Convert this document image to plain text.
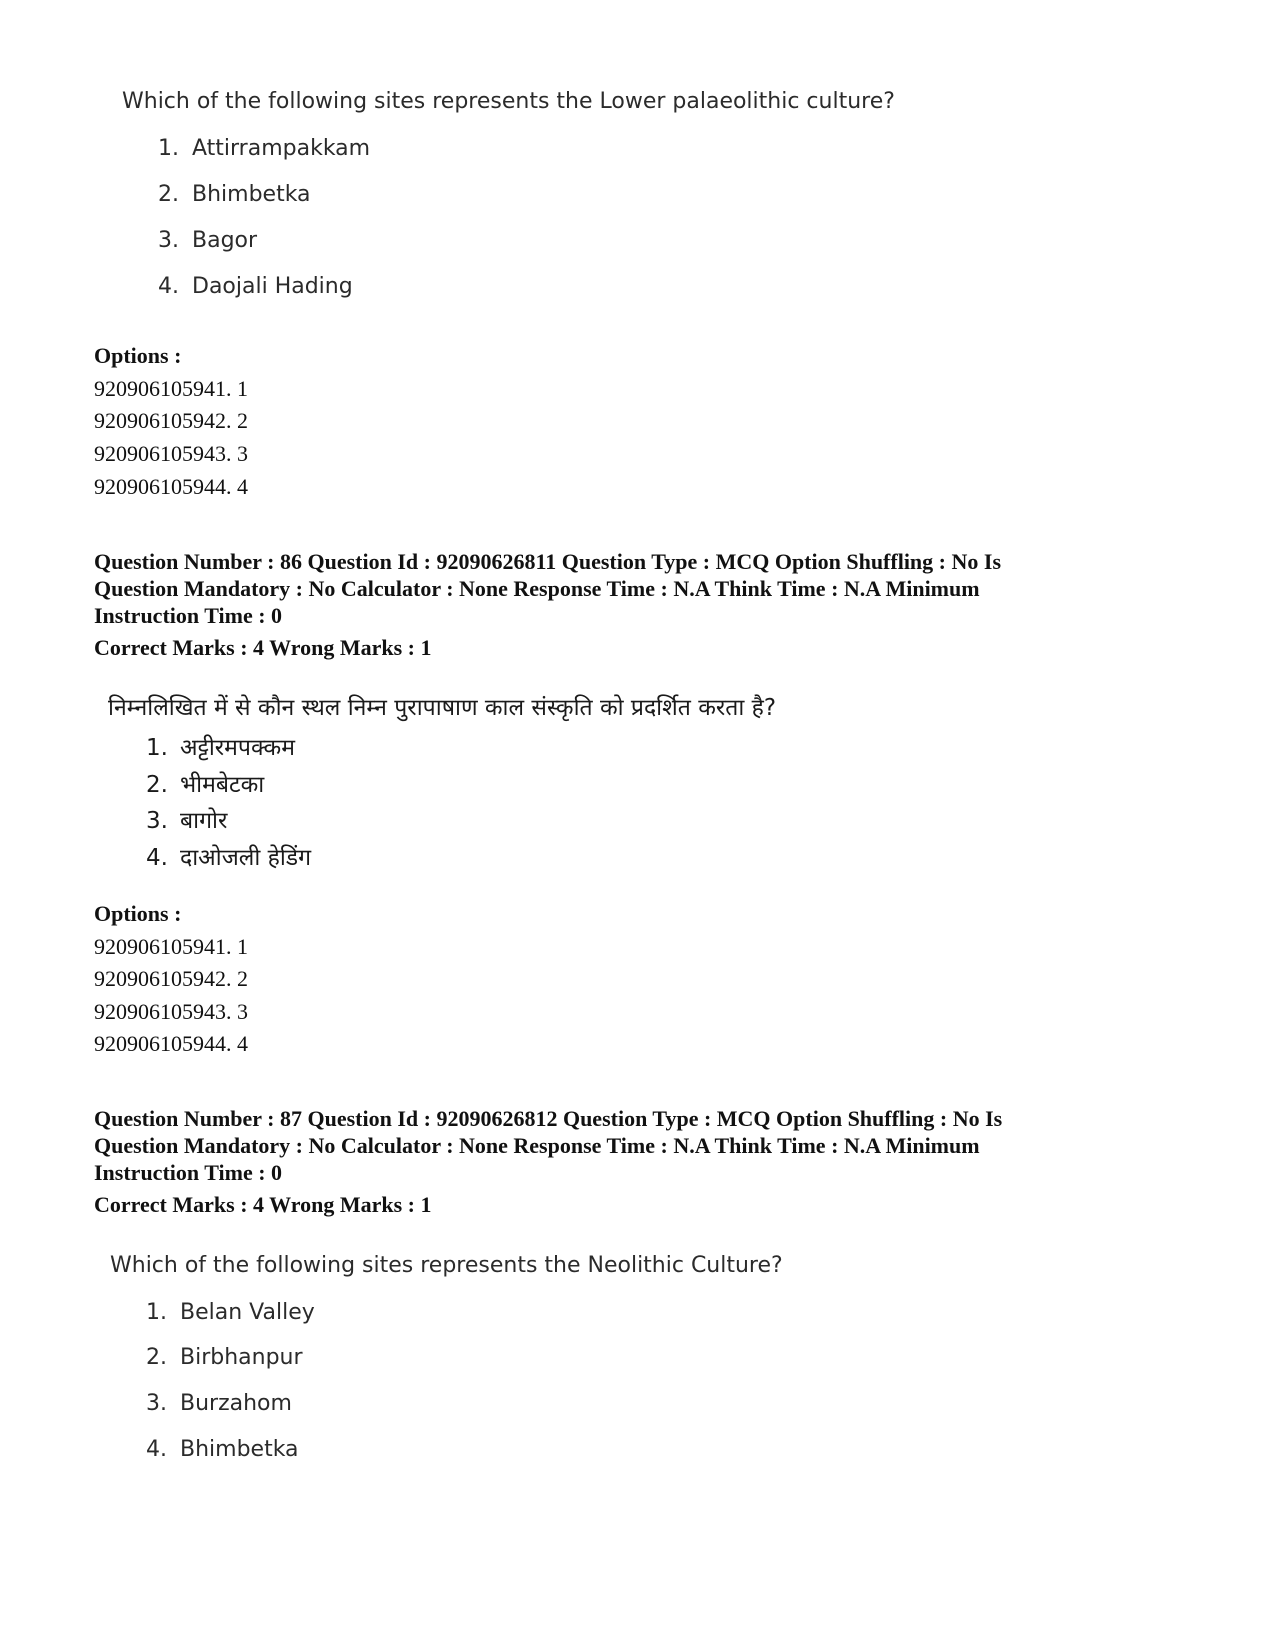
Which of the following sites represents the Lower palaeolithic culture?
1. Attirrampakkam
2. Bhimbetka
3. Bagor
4. Daojali Hading
Options :
920906105941. 1
920906105942. 2
920906105943. 3
920906105944. 4
Question Number : 86 Question Id : 92090626811 Question Type : MCQ Option Shuffling : No Is
Question Mandatory : No Calculator : None Response Time : N.A Think Time : N.A Minimum
Instruction Time : 0
Correct Marks : 4 Wrong Marks : 1
निम्नलिखित में से कौन स्थल निम्न पुरापाषाण काल संस्कृति को प्रदर्शित करता है?
1. अट्टीरमपक्कम
2. भीमबेटका
3. बागोर
4. दाओजली हेडिंग
Options :
920906105941. 1
920906105942. 2
920906105943. 3
920906105944. 4
Question Number : 87 Question Id : 92090626812 Question Type : MCQ Option Shuffling : No Is
Question Mandatory : No Calculator : None Response Time : N.A Think Time : N.A Minimum
Instruction Time : 0
Correct Marks : 4 Wrong Marks : 1
Which of the following sites represents the Neolithic Culture?
1. Belan Valley
2. Birbhanpur
3. Burzahom
4. Bhimbetka
